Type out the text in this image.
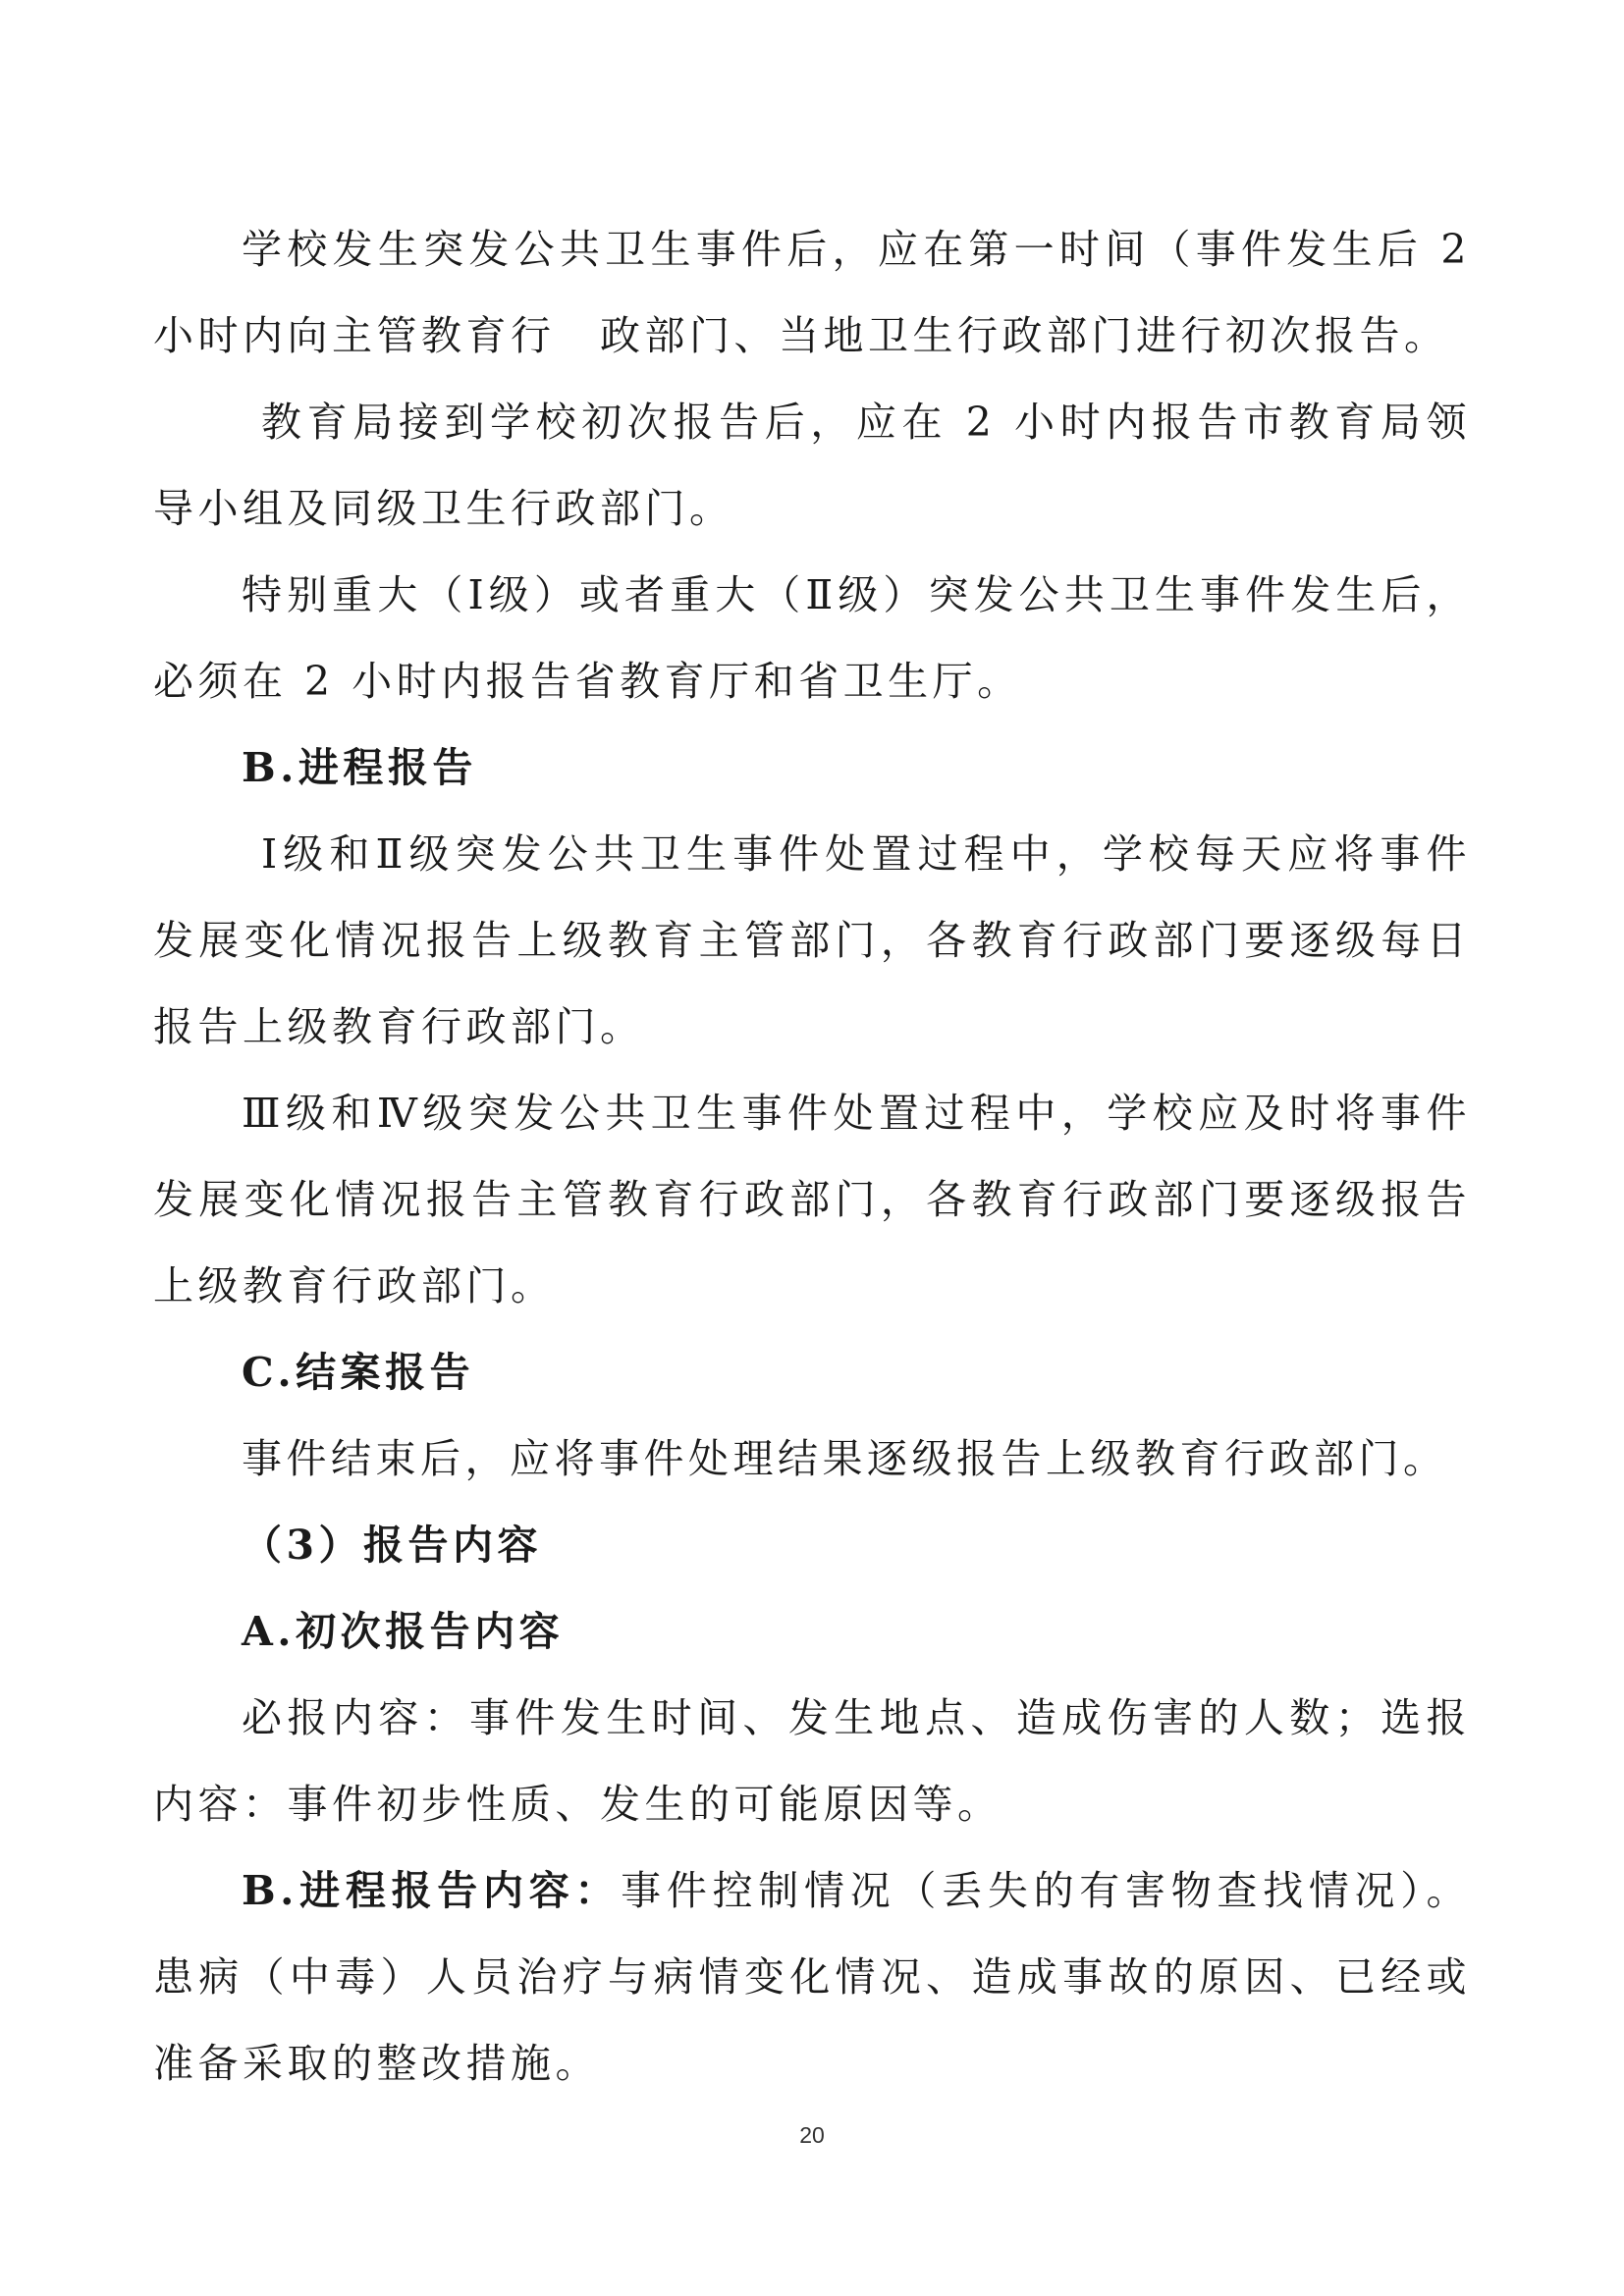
学校发生突发公共卫生事件后，应在第一时间（事件发生后 2 小时内向主管教育行　政部门、当地卫生行政部门进行初次报告。

教育局接到学校初次报告后，应在 2 小时内报告市教育局领导小组及同级卫生行政部门。

特别重大（Ⅰ级）或者重大（Ⅱ级）突发公共卫生事件发生后，必须在 2 小时内报告省教育厅和省卫生厅。

B.进程报告

Ⅰ级和Ⅱ级突发公共卫生事件处置过程中，学校每天应将事件发展变化情况报告上级教育主管部门，各教育行政部门要逐级每日报告上级教育行政部门。

Ⅲ级和Ⅳ级突发公共卫生事件处置过程中，学校应及时将事件发展变化情况报告主管教育行政部门，各教育行政部门要逐级报告上级教育行政部门。

C.结案报告

事件结束后，应将事件处理结果逐级报告上级教育行政部门。

（3）报告内容

A.初次报告内容

必报内容：事件发生时间、发生地点、造成伤害的人数；选报内容：事件初步性质、发生的可能原因等。

B.进程报告内容：事件控制情况（丢失的有害物查找情况）。患病（中毒）人员治疗与病情变化情况、造成事故的原因、已经或准备采取的整改措施。

20
